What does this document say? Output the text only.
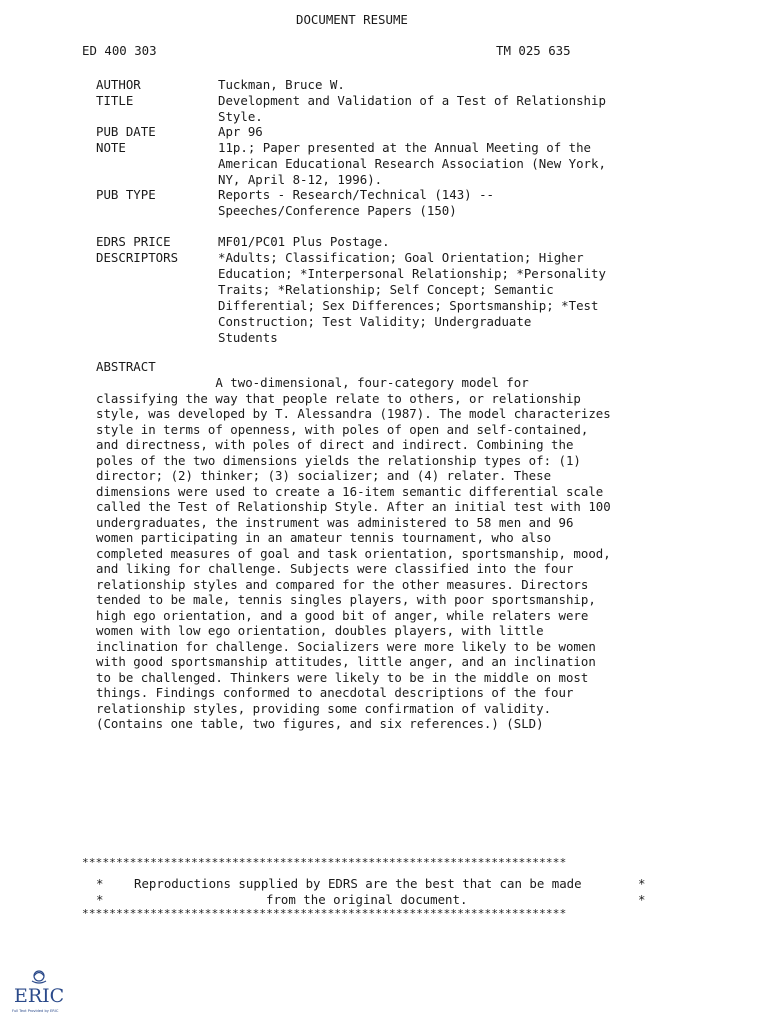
DOCUMENT RESUME
ED 400 303	TM 025 635
AUTHOR	Tuckman, Bruce W.
TITLE	Development and Validation of a Test of Relationship
Style.
PUB DATE	Apr 96
NOTE	11p.; Paper presented at the Annual Meeting of the
American Educational Research Association (New York,
NY, April 8-12, 1996).
PUB TYPE	Reports - Research/Technical (143) --
Speeches/Conference Papers (150)
EDRS PRICE	MF01/PC01 Plus Postage.
DESCRIPTORS	*Adults; Classification; Goal Orientation; Higher
Education; *Interpersonal Relationship; *Personality
Traits; *Relationship; Self Concept; Semantic
Differential; Sex Differences; Sportsmanship; *Test
Construction; Test Validity; Undergraduate
Students
ABSTRACT
A two-dimensional, four-category model for
classifying the way that people relate to others, or relationship
style, was developed by T. Alessandra (1987). The model characterizes
style in terms of openness, with poles of open and self-contained,
and directness, with poles of direct and indirect. Combining the
poles of the two dimensions yields the relationship types of: (1)
director; (2) thinker; (3) socializer; and (4) relater. These
dimensions were used to create a 16-item semantic differential scale
called the Test of Relationship Style. After an initial test with 100
undergraduates, the instrument was administered to 58 men and 96
women participating in an amateur tennis tournament, who also
completed measures of goal and task orientation, sportsmanship, mood,
and liking for challenge. Subjects were classified into the four
relationship styles and compared for the other measures. Directors
tended to be male, tennis singles players, with poor sportsmanship,
high ego orientation, and a good bit of anger, while relaters were
women with low ego orientation, doubles players, with little
inclination for challenge. Socializers were more likely to be women
with good sportsmanship attitudes, little anger, and an inclination
to be challenged. Thinkers were likely to be in the middle on most
things. Findings conformed to anecdotal descriptions of the four
relationship styles, providing some confirmation of validity.
(Contains one table, two figures, and six references.) (SLD)
***********************************************************************
* Reproductions supplied by EDRS are the best that can be made	*
*	from the original document.	*
***********************************************************************
ERIC
Full Text Provided by ERIC
